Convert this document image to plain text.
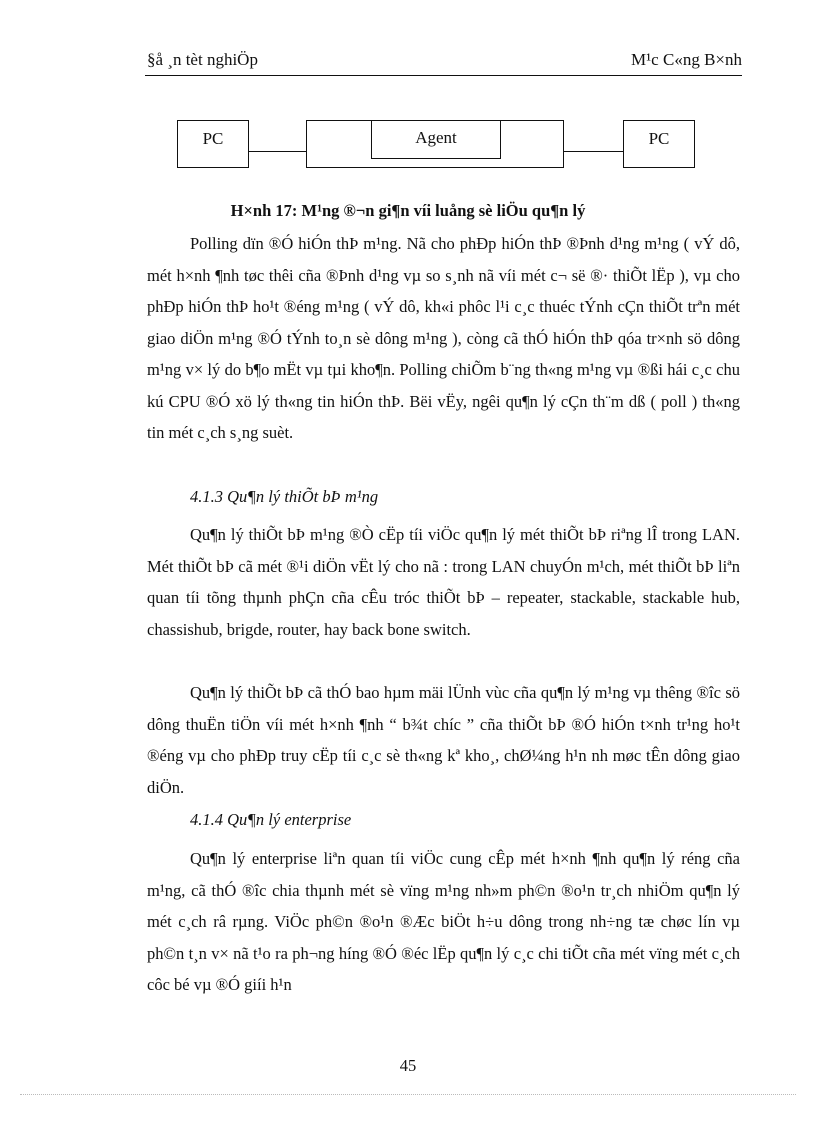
§å ¸n tèt nghiÖp	M¹c C«ng B×nh
PC	Agent	PC
H×nh 17: M¹ng ®¬n gi¶n víi luång sè liÖu qu¶n lý
Polling dïn ®Ó hiÓn thÞ m¹ng. Nã cho phÐp hiÓn thÞ ®Þnh d¹ng m¹ng ( vÝ dô, mét h×nh ¶nh tøc thêi cña ®Þnh d¹ng vµ so s¸nh nã víi mét c¬ së ®· thiÕt lËp ), vµ cho phÐp hiÓn thÞ ho¹t ®éng m¹ng ( vÝ dô, kh«i phôc l¹i c¸c thuéc tÝnh cÇn thiÕt trªn mét giao diÖn m¹ng ®Ó tÝnh to¸n sè dông m¹ng ), còng cã thÓ hiÓn thÞ qóa tr×nh sö dông m¹ng v× lý do b¶o mËt vµ tµi kho¶n. Polling chiÕm b¨ng th«ng m¹ng vµ ®ßi hái c¸c chu kú CPU ®Ó xö lý th«ng tin hiÓn thÞ. Bëi vËy, ngêi qu¶n lý cÇn th¨m dß ( poll ) th«ng tin mét c¸ch s¸ng suèt.
4.1.3 Qu¶n lý thiÕt bÞ m¹ng
Qu¶n lý thiÕt bÞ m¹ng ®Ò cËp tíi viÖc qu¶n lý mét thiÕt bÞ riªng lÎ trong LAN. Mét thiÕt bÞ cã mét ®¹i diÖn vËt lý cho nã : trong LAN chuyÓn m¹ch, mét thiÕt bÞ liªn quan tíi tõng thµnh phÇn cña cÊu tróc thiÕt bÞ – repeater, stackable, stackable hub, chassishub, brigde, router, hay back bone switch.
Qu¶n lý thiÕt bÞ cã thÓ bao hµm mäi lÜnh vùc cña qu¶n lý m¹ng vµ thêng ®îc sö dông thuËn tiÖn víi mét h×nh ¶nh “ b¾t chíc ” cña thiÕt bÞ ®Ó hiÓn t×nh tr¹ng ho¹t ®éng vµ cho phÐp truy cËp tíi c¸c sè th«ng kª kho¸, chØ¼ng h¹n nh møc tÊn dông giao diÖn.
4.1.4 Qu¶n lý enterprise
Qu¶n lý enterprise liªn quan tíi viÖc cung cÊp mét h×nh ¶nh qu¶n lý réng cña m¹ng, cã thÓ ®îc chia thµnh mét sè vïng m¹ng nh»m ph©n ®o¹n tr¸ch nhiÖm qu¶n lý mét c¸ch râ rµng. ViÖc ph©n ®o¹n ®Æc biÖt h÷u dông trong nh÷ng tæ chøc lín vµ ph©n t¸n v× nã t¹o ra ph¬ng híng ®Ó ®éc lËp qu¶n lý c¸c chi tiÕt cña mét vïng mét c¸ch côc bé vµ ®Ó giíi h¹n
45
